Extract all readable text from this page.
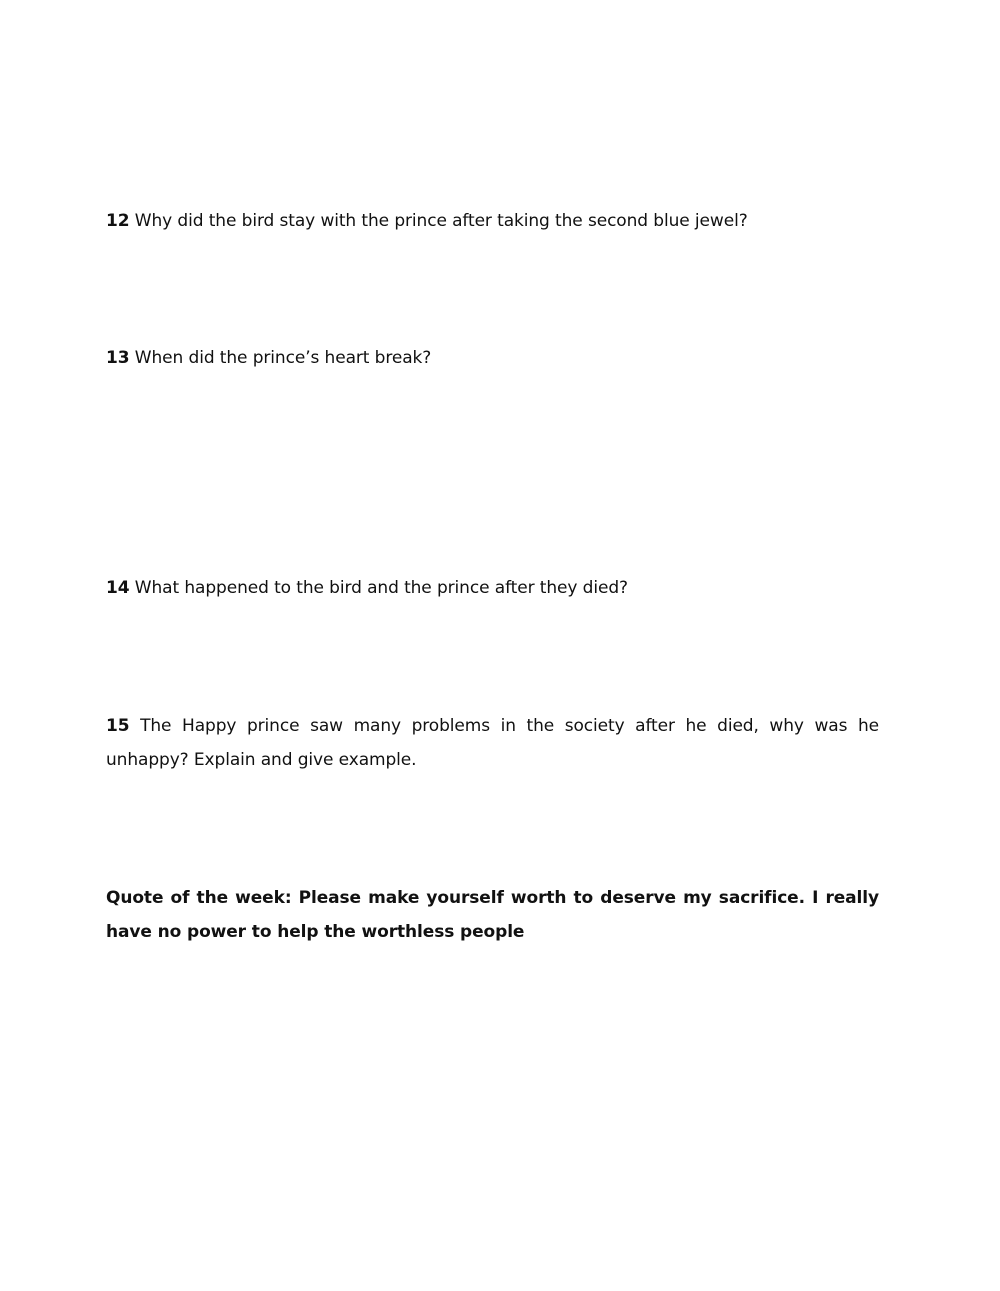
12 Why did the bird stay with the prince after taking the second blue jewel?
13 When did the prince’s heart break?
14 What happened to the bird and the prince after they died?
15 The Happy prince saw many problems in the society after he died, why was he unhappy? Explain and give example.
Quote of the week: Please make yourself worth to deserve my sacrifice. I really have no power to help the worthless people
